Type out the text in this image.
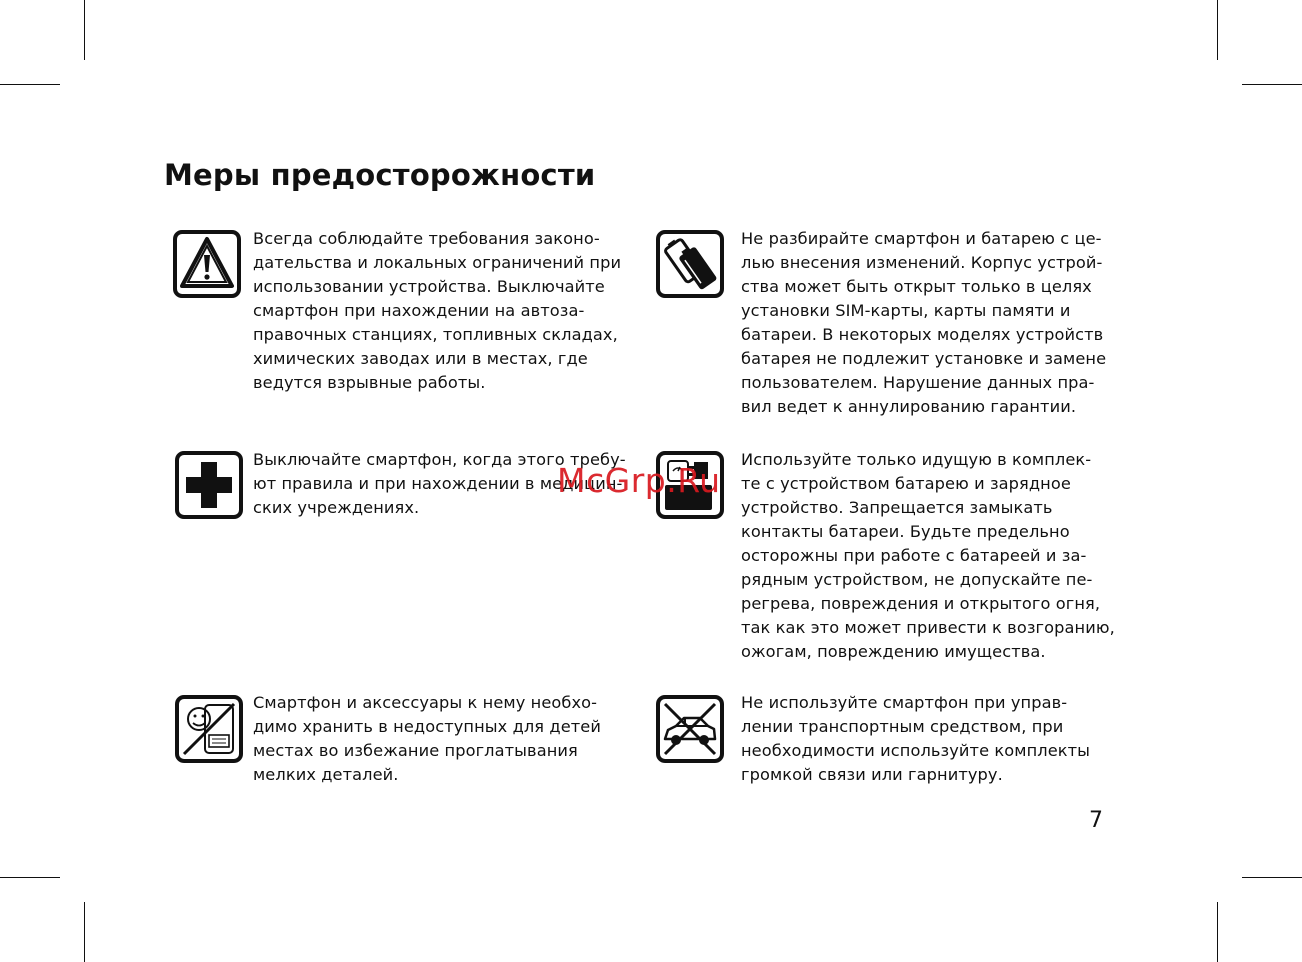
Меры предосторожности

Всегда соблюдайте требования законо-
дательства и локальных ограничений при
использовании устройства. Выключайте
смартфон при нахождении на автоза-
правочных станциях, топливных складах,
химических заводах или в местах, где
ведутся взрывные работы.

Не разбирайте смартфон и батарею с це-
лью внесения изменений. Корпус устрой-
ства может быть открыт только в целях
установки SIM-карты, карты памяти и
батареи. В некоторых моделях устройств
батарея не подлежит установке и замене
пользователем. Нарушение данных пра-
вил ведет к аннулированию гарантии.

Выключайте смартфон, когда этого требу-
ют правила и при нахождении в медицин-
ских учреждениях.

Используйте только идущую в комплек-
те с устройством батарею и зарядное
устройство. Запрещается замыкать
контакты батареи. Будьте предельно
осторожны при работе с батареей и за-
рядным устройством, не допускайте пе-
регрева, повреждения и открытого огня,
так как это может привести к возгоранию,
ожогам, повреждению имущества.

Смартфон и аксессуары к нему необхо-
димо хранить в недоступных для детей
местах во избежание проглатывания
мелких деталей.

Не используйте смартфон при управ-
лении транспортным средством, при
необходимости используйте комплекты
громкой связи или гарнитуру.

McGrp.Ru
7
